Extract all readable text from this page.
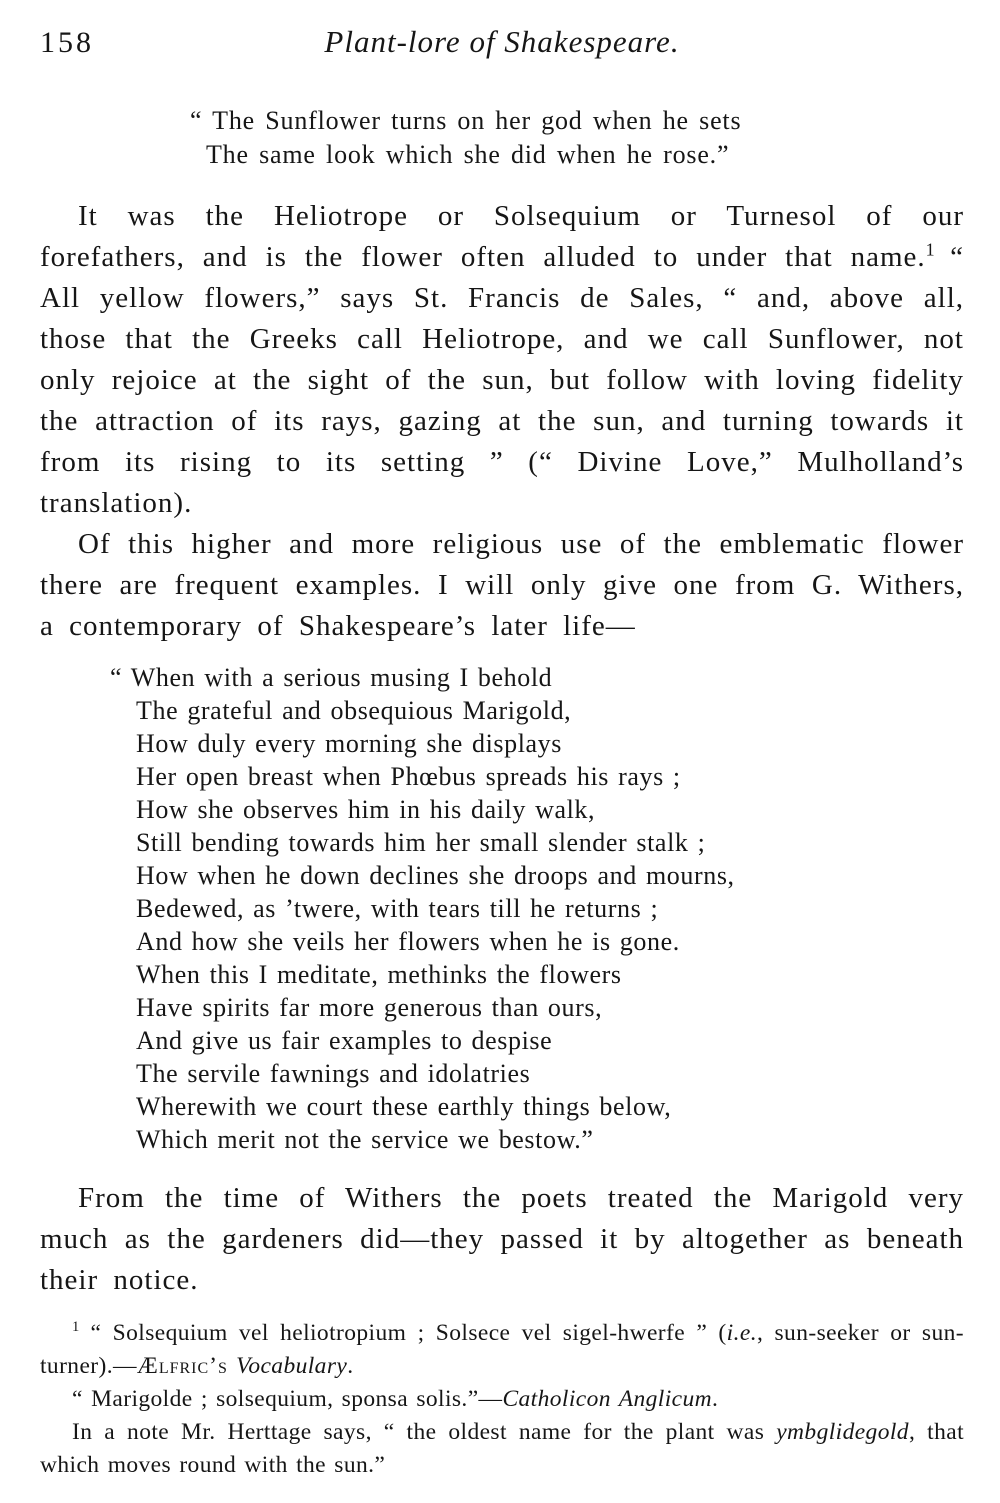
158	Plant-lore of Shakespeare.
“ The Sunflower turns on her god when he sets
The same look which she did when he rose.”

It was the Heliotrope or Solsequium or Turnesol of our forefathers, and is the flower often alluded to under that name.$^1$ “ All yellow flowers,” says St. Francis de Sales, “ and, above all, those that the Greeks call Heliotrope, and we call Sunflower, not only rejoice at the sight of the sun, but follow with loving fidelity the attraction of its rays, gazing at the sun, and turning towards it from its rising to its setting ” (“ Divine Love,” Mulholland’s translation).

Of this higher and more religious use of the emblematic flower there are frequent examples. I will only give one from G. Withers, a contemporary of Shakespeare’s later life—

“ When with a serious musing I behold
The grateful and obsequious Marigold,
How duly every morning she displays
Her open breast when Phœbus spreads his rays ;
How she observes him in his daily walk,
Still bending towards him her small slender stalk ;
How when he down declines she droops and mourns,
Bedewed, as ’twere, with tears till he returns ;
And how she veils her flowers when he is gone.
When this I meditate, methinks the flowers
Have spirits far more generous than ours,
And give us fair examples to despise
The servile fawnings and idolatries
Wherewith we court these earthly things below,
Which merit not the service we bestow.”

From the time of Withers the poets treated the Marigold very much as the gardeners did—they passed it by altogether as beneath their notice.

$^1$ “ Solsequium vel heliotropium ; Solsece vel sigel-hwerfe ” (i.e., sun-seeker or sun-turner).—Ælfric’s Vocabulary.

“ Marigolde ; solsequium, sponsa solis.”—Catholicon Anglicum.

In a note Mr. Herttage says, “ the oldest name for the plant was ymbglidegold, that which moves round with the sun.”
